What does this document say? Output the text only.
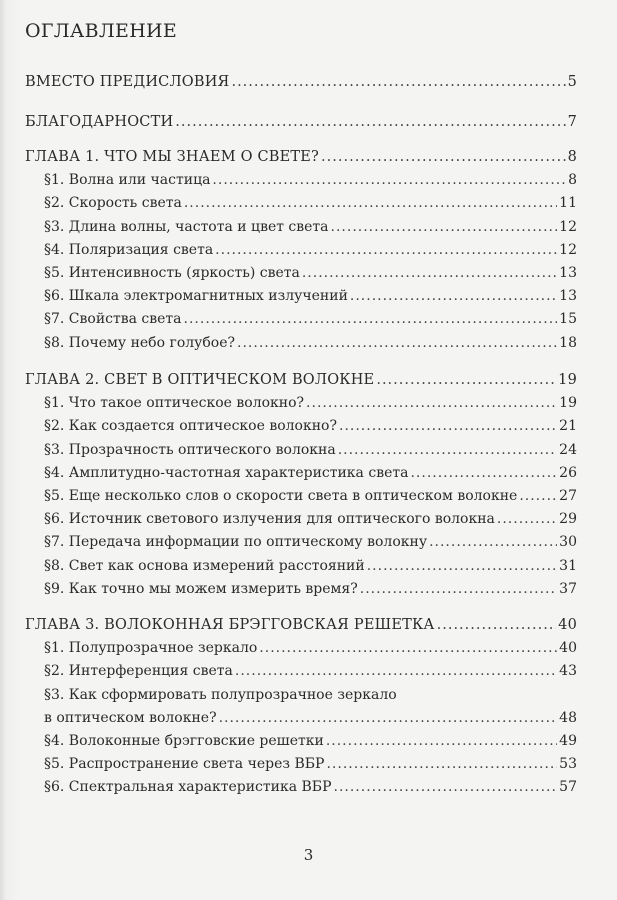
ОГЛАВЛЕНИЕ
ВМЕСТО ПРЕДИСЛОВИЯ .....	5
БЛАГОДАРНОСТИ .....	7
ГЛАВА 1. ЧТО МЫ ЗНАЕМ О СВЕТЕ? .....	8
§1. Волна или частица .....	8
§2. Скорость света .....	11
§3. Длина волны, частота и цвет света .....	12
§4. Поляризация света .....	12
§5. Интенсивность (яркость) света .....	13
§6. Шкала электромагнитных излучений .....	13
§7. Свойства света .....	15
§8. Почему небо голубое? .....	18
ГЛАВА 2. СВЕТ В ОПТИЧЕСКОМ ВОЛОКНЕ .....	19
§1. Что такое оптическое волокно? .....	19
§2. Как создается оптическое волокно? .....	21
§3. Прозрачность оптического волокна .....	24
§4. Амплитудно-частотная характеристика света .....	26
§5. Еще несколько слов о скорости света в оптическом волокне .....	27
§6. Источник светового излучения для оптического волокна .....	29
§7. Передача информации по оптическому волокну .....	30
§8. Свет как основа измерений расстояний .....	31
§9. Как точно мы можем измерить время? .....	37
ГЛАВА 3. ВОЛОКОННАЯ БРЭГГОВСКАЯ РЕШЕТКА .....	40
§1. Полупрозрачное зеркало .....	40
§2. Интерференция света .....	43
§3. Как сформировать полупрозрачное зеркало
в оптическом волокне? .....	48
§4. Волоконные брэгговские решетки .....	49
§5. Распространение света через ВБР .....	53
§6. Спектральная характеристика ВБР .....	57
3
